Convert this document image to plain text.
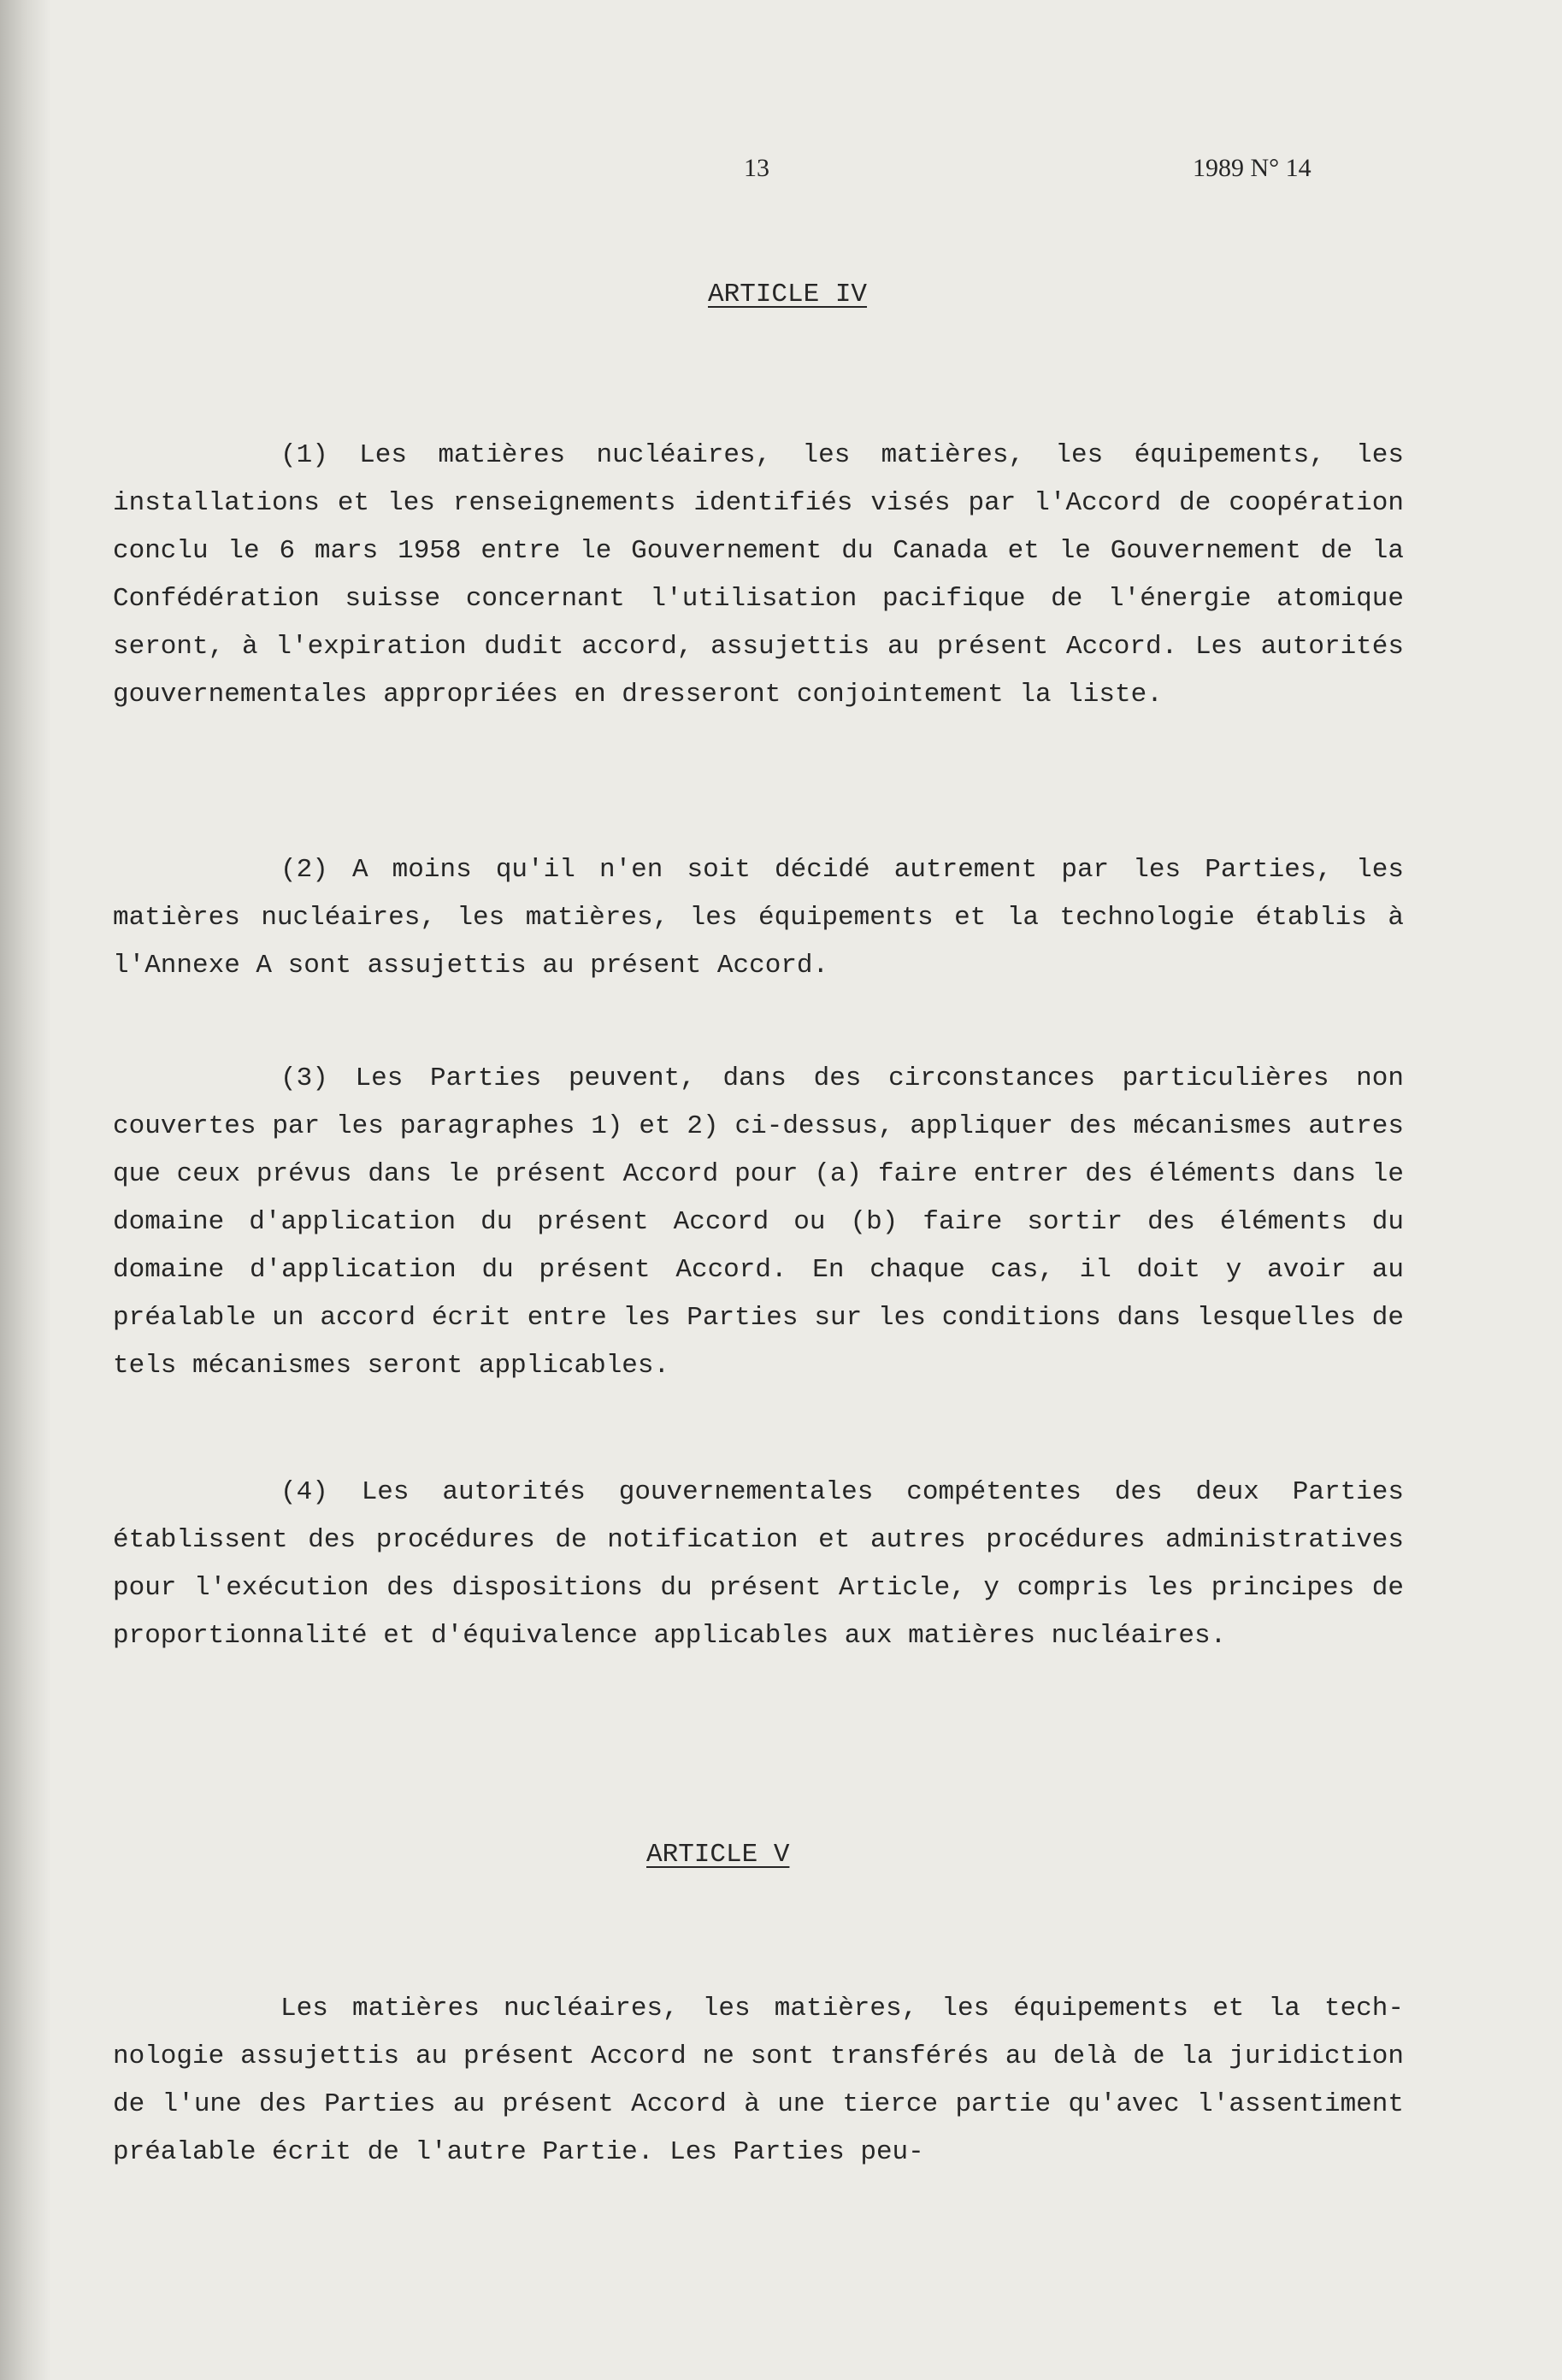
13	1989 N° 14
ARTICLE IV

(1) Les matières nucléaires, les matières, les équipements, les installations et les renseignements identifiés visés par l'Accord de coopération conclu le 6 mars 1958 entre le Gouvernement du Canada et le Gouvernement de la Confédération suisse concernant l'utilisation pacifique de l'énergie atomique seront, à l'expiration dudit accord, assujettis au présent Accord. Les autorités gouvernementales appropriées en dresseront conjointement la liste.

(2) A moins qu'il n'en soit décidé autrement par les Parties, les matières nucléaires, les matières, les équipements et la technologie établis à l'Annexe A sont assujettis au présent Accord.

(3) Les Parties peuvent, dans des circonstances particulières non couvertes par les paragraphes 1) et 2) ci-dessus, appliquer des mécanismes autres que ceux prévus dans le présent Accord pour (a) faire entrer des éléments dans le domaine d'application du présent Accord ou (b) faire sortir des éléments du domaine d'application du présent Accord. En chaque cas, il doit y avoir au préalable un accord écrit entre les Parties sur les conditions dans lesquelles de tels mécanismes seront applicables.

(4) Les autorités gouvernementales compétentes des deux Parties établissent des procédures de notification et autres procédures administratives pour l'exécution des dispositions du présent Article, y compris les principes de proportionnalité et d'équivalence applicables aux matières nucléaires.

ARTICLE V

Les matières nucléaires, les matières, les équipements et la technologie assujettis au présent Accord ne sont transférés au delà de la juridiction de l'une des Parties au présent Accord à une tierce partie qu'avec l'assentiment préalable écrit de l'autre Partie. Les Parties peu-
